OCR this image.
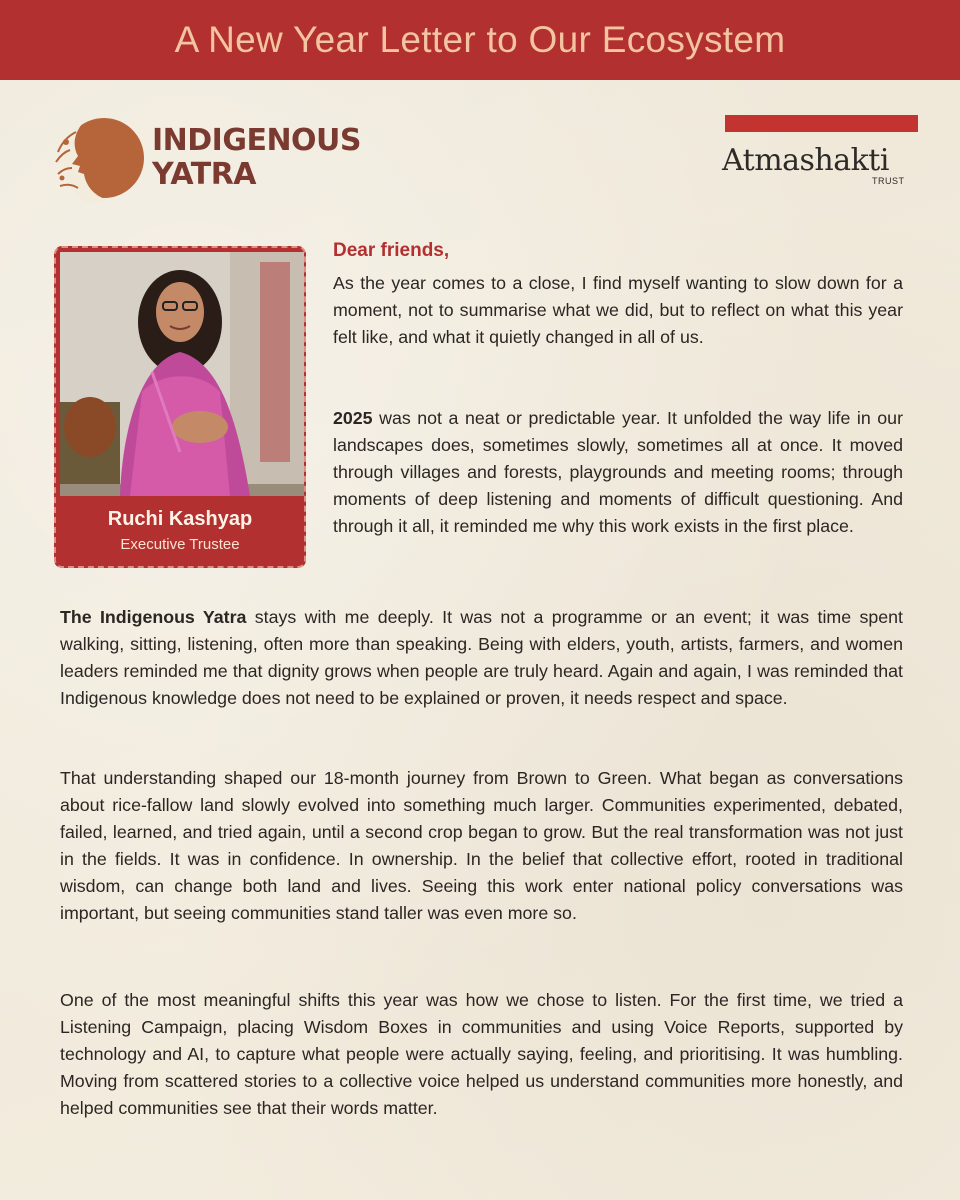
A New Year Letter to Our Ecosystem
INDIGENOUS
YATRA	Atmashakti
TRUST
Ruchi Kashyap
Executive Trustee
Dear friends,

As the year comes to a close, I find myself wanting to slow down for a moment, not to summarise what we did, but to reflect on what this year felt like, and what it quietly changed in all of us.

2025 was not a neat or predictable year. It unfolded the way life in our landscapes does, sometimes slowly, sometimes all at once. It moved through villages and forests, playgrounds and meeting rooms; through moments of deep listening and moments of difficult questioning. And through it all, it reminded me why this work exists in the first place.

The Indigenous Yatra stays with me deeply. It was not a programme or an event; it was time spent walking, sitting, listening, often more than speaking. Being with elders, youth, artists, farmers, and women leaders reminded me that dignity grows when people are truly heard. Again and again, I was reminded that Indigenous knowledge does not need to be explained or proven, it needs respect and space.

That understanding shaped our 18-month journey from Brown to Green. What began as conversations about rice-fallow land slowly evolved into something much larger. Communities experimented, debated, failed, learned, and tried again, until a second crop began to grow. But the real transformation was not just in the fields. It was in confidence. In ownership. In the belief that collective effort, rooted in traditional wisdom, can change both land and lives. Seeing this work enter national policy conversations was important, but seeing communities stand taller was even more so.

One of the most meaningful shifts this year was how we chose to listen. For the first time, we tried a Listening Campaign, placing Wisdom Boxes in communities and using Voice Reports, supported by technology and AI, to capture what people were actually saying, feeling, and prioritising. It was humbling. Moving from scattered stories to a collective voice helped us understand communities more honestly, and helped communities see that their words matter.
